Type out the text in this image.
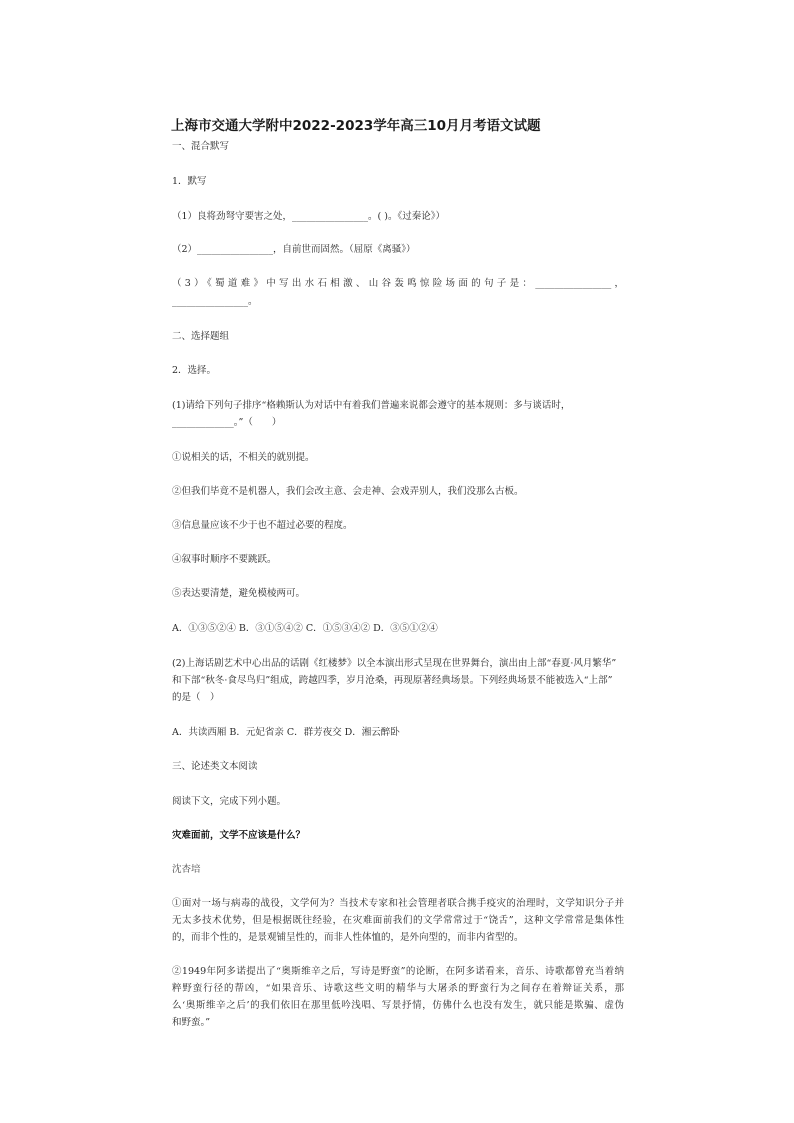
上海市交通大学附中2022-2023学年高三10月月考语文试题
一、混合默写
1．默写
（1）良将劲弩守要害之处，________________。( )。《过秦论》）
（2）________________，自前世而固然。（屈原《离骚》）
（3）《蜀道难》中写出水石相激、山谷轰鸣惊险场面的句子是：________________，
________________。
二、选择题组
2．选择。
(1)请给下列句子排序“格赖斯认为对话中有着我们普遍来说都会遵守的基本规则：多与谈话时，
_____________。”（　　）
①说相关的话，不相关的就别提。
②但我们毕竟不是机器人，我们会改主意、会走神、会戏弄别人，我们没那么古板。
③信息量应该不少于也不超过必要的程度。
④叙事时顺序不要跳跃。
⑤表达要清楚，避免模棱两可。
A．①③⑤②④ B．③①⑤④② C．①⑤③④② D．③⑤①②④
(2)上海话剧艺术中心出品的话剧《红楼梦》以全本演出形式呈现在世界舞台，演出由上部“春夏·风月繁华”
和下部“秋冬·食尽鸟归”组成，跨越四季，岁月沧桑，再现原著经典场景。下列经典场景不能被选入“上部”
的是（　）
A．共读西厢 B．元妃省亲 C．群芳夜交 D．湘云醉卧
三、论述类文本阅读
阅读下文，完成下列小题。
灾难面前，文学不应该是什么？
沈杏培
①面对一场与病毒的战役，文学何为？当技术专家和社会管理者联合携手疫灾的治理时，文学知识分子并
无太多技术优势，但是根据既往经验，在灾难面前我们的文学常常过于“饶舌”，这种文学常常是集体性
的，而非个性的，是景观铺呈性的，而非人性体恤的，是外向型的，而非内省型的。
②1949年阿多诺提出了“奥斯维辛之后，写诗是野蛮”的论断，在阿多诺看来，音乐、诗歌都曾充当着纳
粹野蛮行径的帮凶，“如果音乐、诗歌这些文明的精华与大屠杀的野蛮行为之间存在着辩证关系，那
么‘奥斯维辛之后’的我们依旧在那里低吟浅唱、写景抒情，仿佛什么也没有发生，就只能是欺骗、虚伪
和野蛮。”
